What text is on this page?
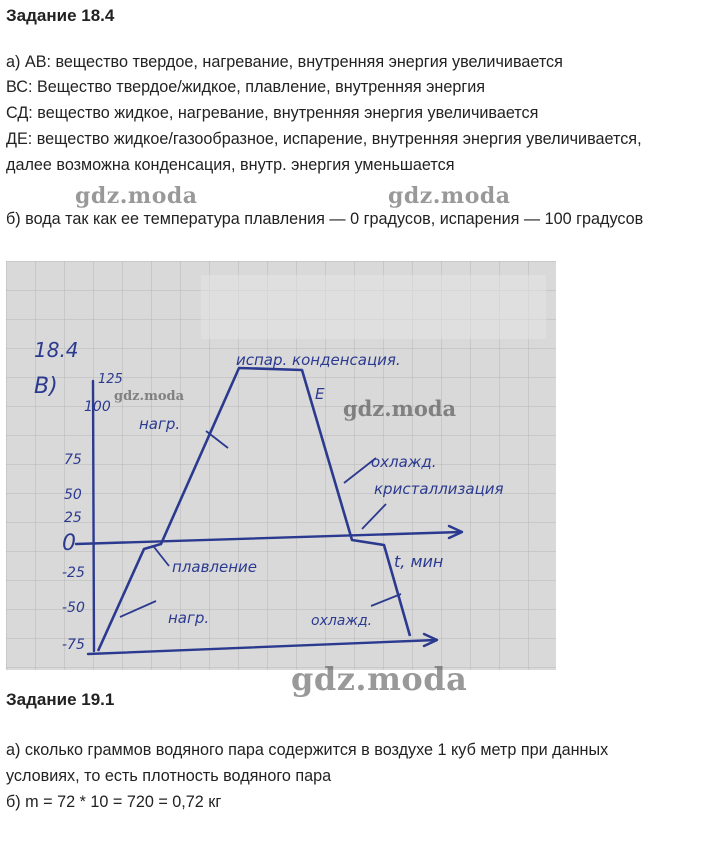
Задание 18.4
а) АВ: вещество твердое, нагревание, внутренняя энергия увеличивается
ВС: Вещество твердое/жидкое, плавление, внутренняя энергия
СД: вещество жидкое, нагревание, внутренняя энергия увеличивается
ДЕ: вещество жидкое/газообразное, испарение, внутренняя энергия увеличивается,
далее возможна конденсация, внутр. энергия уменьшается
б) вода так как ее температура плавления — 0 градусов, испарения — 100 градусов
gdz.moda	gdz.moda
18.4
В)	125
100
75
50
25
0
-25
-50
-75
нагр.
плавление
нагр.
испар. конденсация.
Е
охлажд.
кристаллизация
t, мин
охлажд.
gdz.moda	gdz.moda
gdz.moda
Задание 19.1
а) сколько граммов водяного пара содержится в воздухе 1 куб метр при данных
условиях, то есть плотность водяного пара
б) m = 72 * 10 = 720 = 0,72 кг
